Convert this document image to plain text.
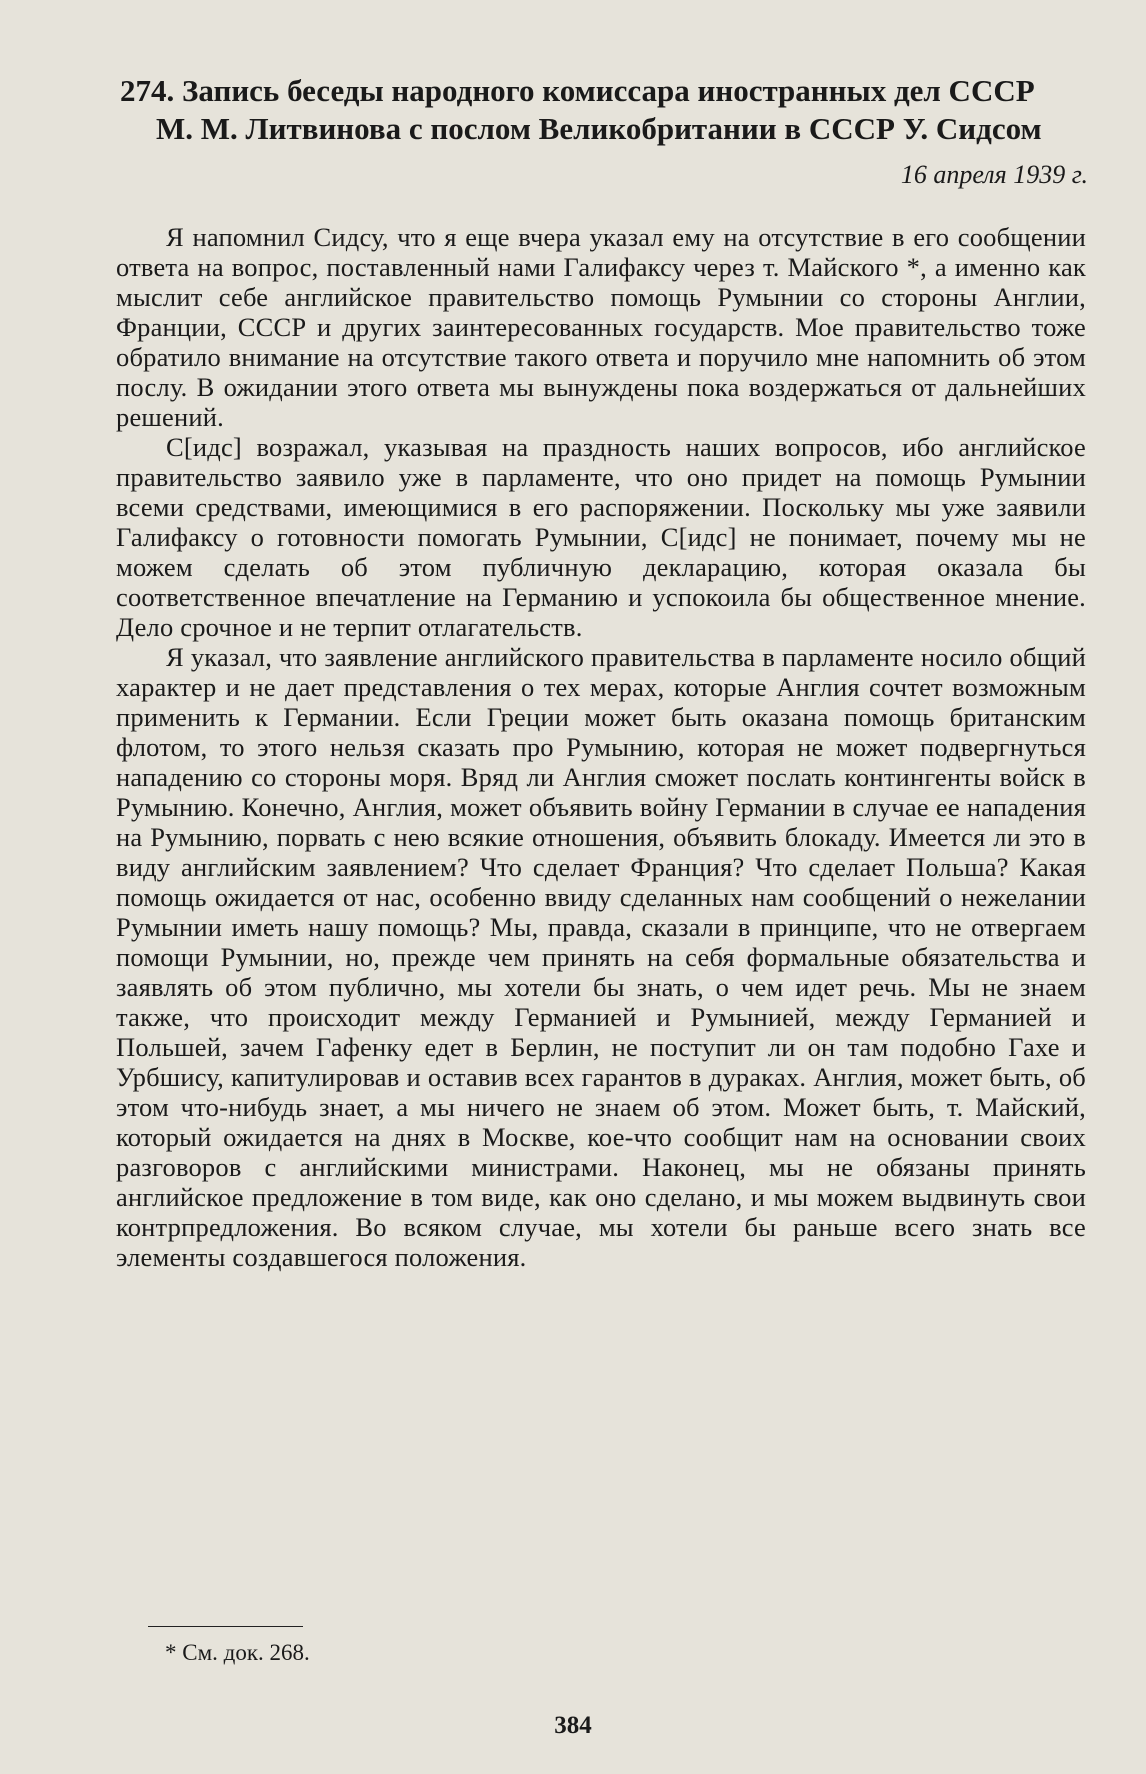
274. Запись беседы народного комиссара иностранных дел СССР
М. М. Литвинова с послом Великобритании в СССР У. Сидсом
16 апреля 1939 г.

Я напомнил Сидсу, что я еще вчера указал ему на отсутствие в его сообщении ответа на вопрос, поставленный нами Галифаксу через т. Майского *, а именно как мыслит себе английское правительство помощь Румынии со стороны Англии, Франции, СССР и других заинтересованных государств. Мое правительство тоже обратило внимание на отсутствие такого ответа и поручило мне напомнить об этом послу. В ожидании этого ответа мы вынуждены пока воздержаться от дальнейших решений.

С[идс] возражал, указывая на праздность наших вопросов, ибо английское правительство заявило уже в парламенте, что оно придет на помощь Румынии всеми средствами, имеющимися в его распоряжении. Поскольку мы уже заявили Галифаксу о готовности помогать Румынии, С[идс] не понимает, почему мы не можем сделать об этом публичную декларацию, которая оказала бы соответственное впечатление на Германию и успокоила бы общественное мнение. Дело срочное и не терпит отлагательств.

Я указал, что заявление английского правительства в парламенте носило общий характер и не дает представления о тех мерах, которые Англия сочтет возможным применить к Германии. Если Греции может быть оказана помощь британским флотом, то этого нельзя сказать про Румынию, которая не может подвергнуться нападению со стороны моря. Вряд ли Англия сможет послать контингенты войск в Румынию. Конечно, Англия, может объявить войну Германии в случае ее нападения на Румынию, порвать с нею всякие отношения, объявить блокаду. Имеется ли это в виду английским заявлением? Что сделает Франция? Что сделает Польша? Какая помощь ожидается от нас, особенно ввиду сделанных нам сообщений о нежелании Румынии иметь нашу помощь? Мы, правда, сказали в принципе, что не отвергаем помощи Румынии, но, прежде чем принять на себя формальные обязательства и заявлять об этом публично, мы хотели бы знать, о чем идет речь. Мы не знаем также, что происходит между Германией и Румынией, между Германией и Польшей, зачем Гафенку едет в Берлин, не поступит ли он там подобно Гахе и Урбшису, капитулировав и оставив всех гарантов в дураках. Англия, может быть, об этом что-нибудь знает, а мы ничего не знаем об этом. Может быть, т. Майский, который ожидается на днях в Москве, кое-что сообщит нам на основании своих разговоров с английскими министрами. Наконец, мы не обязаны принять английское предложение в том виде, как оно сделано, и мы можем выдвинуть свои контрпредложения. Во всяком случае, мы хотели бы раньше всего знать все элементы создавшегося положения.

* См. док. 268.
384
